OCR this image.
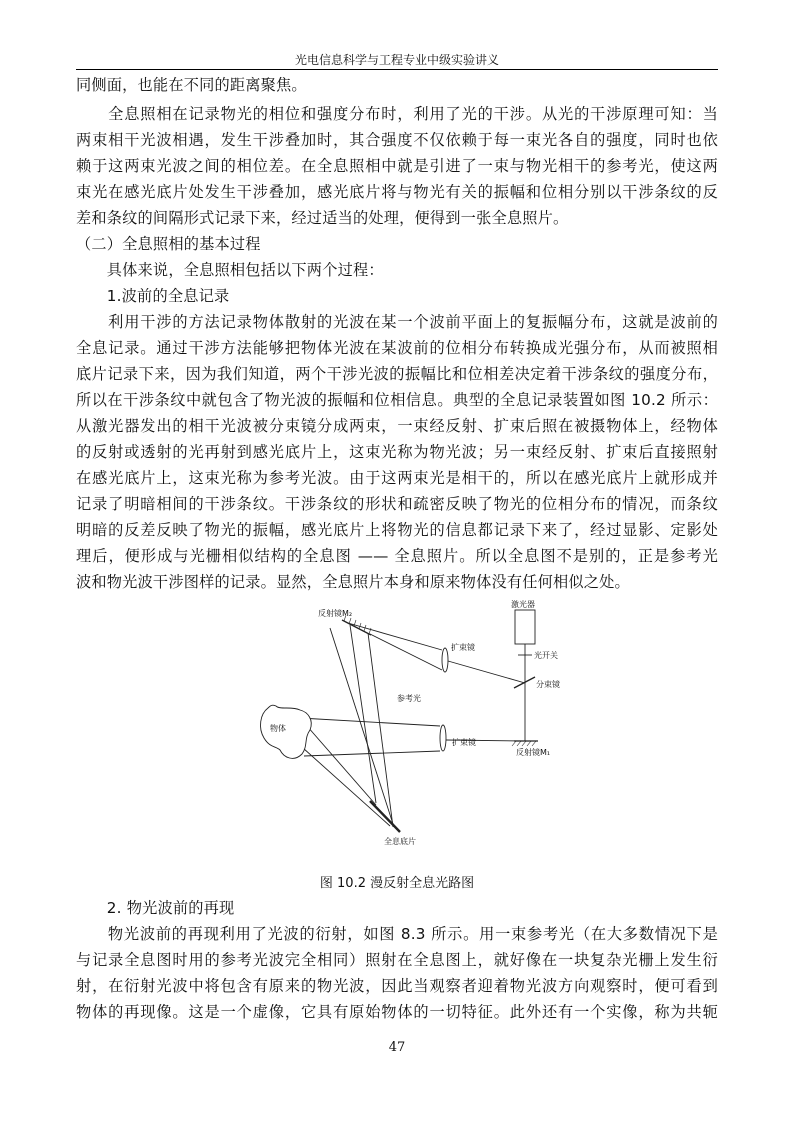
光电信息科学与工程专业中级实验讲义
同侧面，也能在不同的距离聚焦。
　　全息照相在记录物光的相位和强度分布时，利用了光的干涉。从光的干涉原理可知：当
两束相干光波相遇，发生干涉叠加时，其合强度不仅依赖于每一束光各自的强度，同时也依
赖于这两束光波之间的相位差。在全息照相中就是引进了一束与物光相干的参考光，使这两
束光在感光底片处发生干涉叠加，感光底片将与物光有关的振幅和位相分别以干涉条纹的反
差和条纹的间隔形式记录下来，经过适当的处理，便得到一张全息照片。
（二）全息照相的基本过程
　　具体来说，全息照相包括以下两个过程：
　　1.波前的全息记录
　　利用干涉的方法记录物体散射的光波在某一个波前平面上的复振幅分布，这就是波前的
全息记录。通过干涉方法能够把物体光波在某波前的位相分布转换成光强分布，从而被照相
底片记录下来，因为我们知道，两个干涉光波的振幅比和位相差决定着干涉条纹的强度分布，
所以在干涉条纹中就包含了物光波的振幅和位相信息。典型的全息记录装置如图 10.2 所示：
从激光器发出的相干光波被分束镜分成两束，一束经反射、扩束后照在被摄物体上，经物体
的反射或透射的光再射到感光底片上，这束光称为物光波；另一束经反射、扩束后直接照射
在感光底片上，这束光称为参考光波。由于这两束光是相干的，所以在感光底片上就形成并
记录了明暗相间的干涉条纹。干涉条纹的形状和疏密反映了物光的位相分布的情况，而条纹
明暗的反差反映了物光的振幅，感光底片上将物光的信息都记录下来了，经过显影、定影处
理后，便形成与光栅相似结构的全息图 —— 全息照片。所以全息图不是别的，正是参考光
波和物光波干涉图样的记录。显然，全息照片本身和原来物体没有任何相似之处。
激光器
光开关
分束镜
反射镜M₁
反射镜M₂
扩束镜
扩束镜
参考光
物体
全息底片
图 10.2 漫反射全息光路图
　　2. 物光波前的再现
　　物光波前的再现利用了光波的衍射，如图 8.3 所示。用一束参考光（在大多数情况下是
与记录全息图时用的参考光波完全相同）照射在全息图上，就好像在一块复杂光栅上发生衍
射，在衍射光波中将包含有原来的物光波，因此当观察者迎着物光波方向观察时，便可看到
物体的再现像。这是一个虚像，它具有原始物体的一切特征。此外还有一个实像，称为共轭
47
